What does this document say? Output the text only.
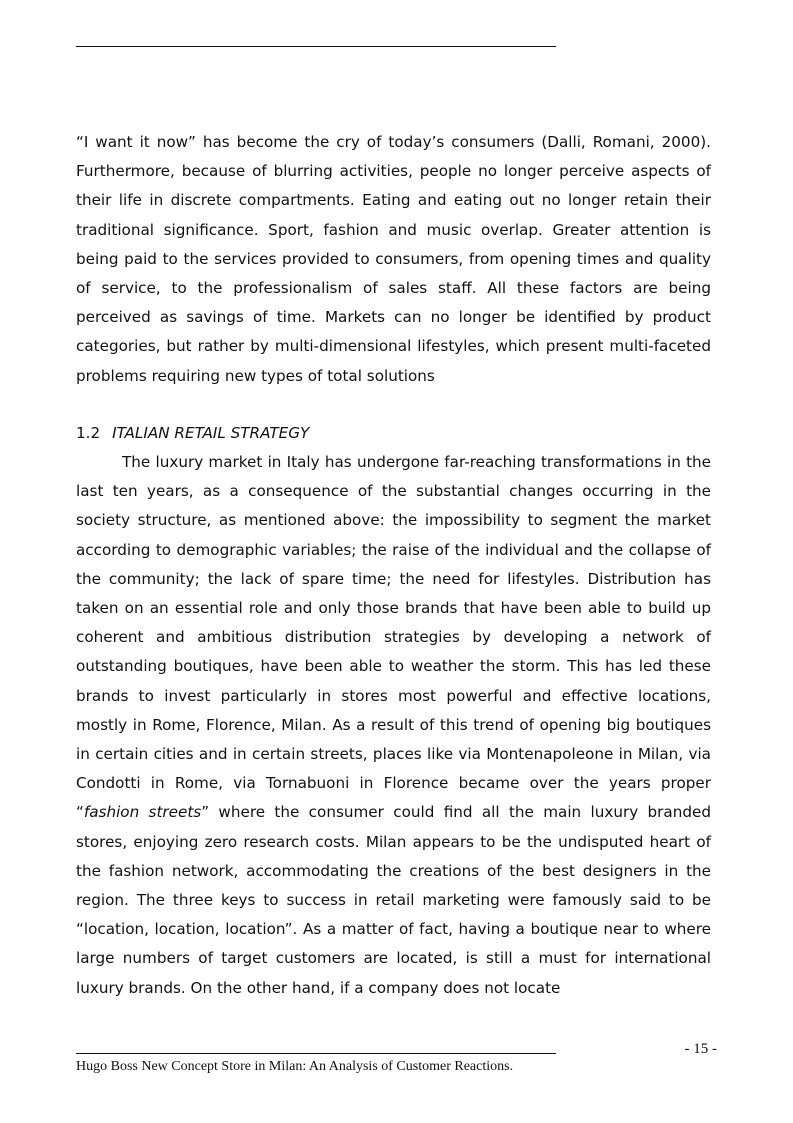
“I want it now” has become the cry of today’s consumers (Dalli, Romani, 2000). Furthermore, because of blurring activities, people no longer perceive aspects of their life in discrete compartments. Eating and eating out no longer retain their traditional significance. Sport, fashion and music overlap. Greater attention is being paid to the services provided to consumers, from opening times and quality of service, to the professionalism of sales staff. All these factors are being perceived as savings of time. Markets can no longer be identified by product categories, but rather by multi-dimensional lifestyles, which present multi-faceted problems requiring new types of total solutions

1.2 ITALIAN RETAIL STRATEGY

The luxury market in Italy has undergone far-reaching transformations in the last ten years, as a consequence of the substantial changes occurring in the society structure, as mentioned above: the impossibility to segment the market according to demographic variables; the raise of the individual and the collapse of the community; the lack of spare time; the need for lifestyles. Distribution has taken on an essential role and only those brands that have been able to build up coherent and ambitious distribution strategies by developing a network of outstanding boutiques, have been able to weather the storm. This has led these brands to invest particularly in stores most powerful and effective locations, mostly in Rome, Florence, Milan. As a result of this trend of opening big boutiques in certain cities and in certain streets, places like via Montenapoleone in Milan, via Condotti in Rome, via Tornabuoni in Florence became over the years proper “fashion streets” where the consumer could find all the main luxury branded stores, enjoying zero research costs. Milan appears to be the undisputed heart of the fashion network, accommodating the creations of the best designers in the region. The three keys to success in retail marketing were famously said to be “location, location, location”. As a matter of fact, having a boutique near to where large numbers of target customers are located, is still a must for international luxury brands. On the other hand, if a company does not locate

- 15 -
Hugo Boss New Concept Store in Milan: An Analysis of Customer Reactions.
